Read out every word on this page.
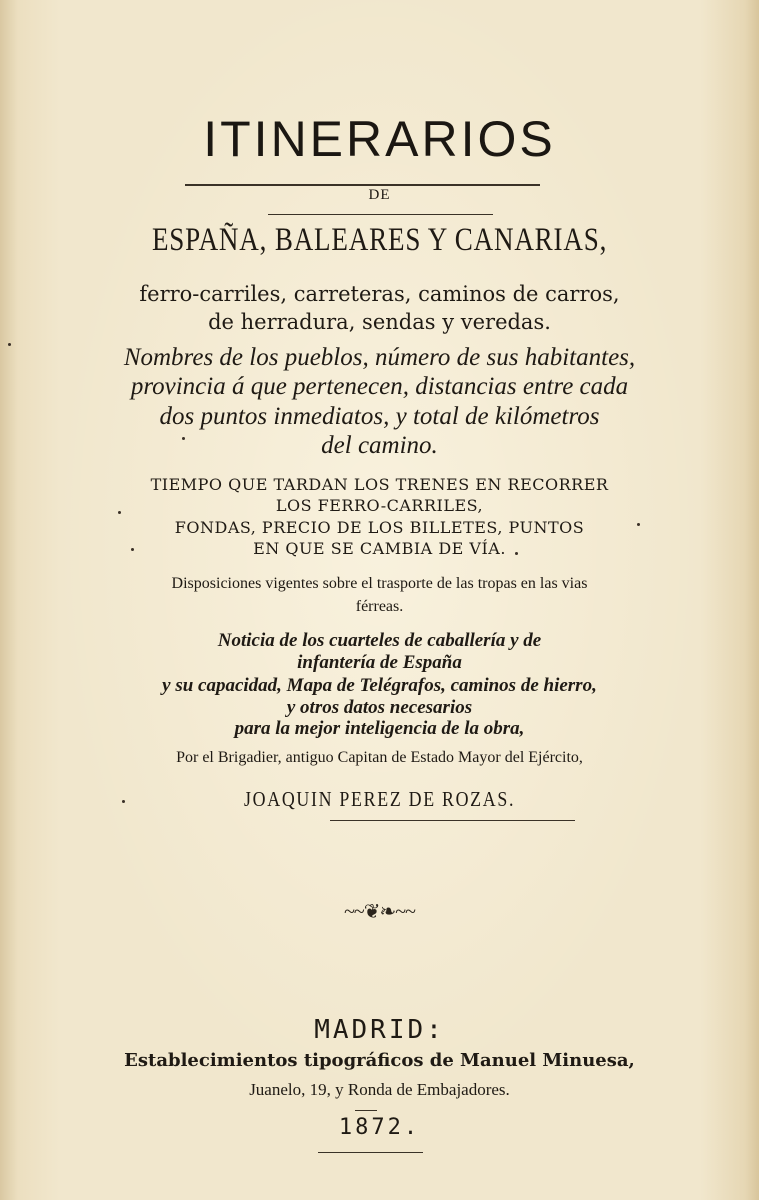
ITINERARIOS
DE
ESPAÑA, BALEARES Y CANARIAS,
ferro-carriles, carreteras, caminos de carros,
de herradura, sendas y veredas.
Nombres de los pueblos, número de sus habitantes,
provincia á que pertenecen, distancias entre cada
dos puntos inmediatos, y total de kilómetros
del camino.
TIEMPO QUE TARDAN LOS TRENES EN RECORRER
LOS FERRO-CARRILES,
FONDAS, PRECIO DE LOS BILLETES, PUNTOS
EN QUE SE CAMBIA DE VÍA.
Disposiciones vigentes sobre el trasporte de las tropas en las vias
férreas.
Noticia de los cuarteles de caballería y de
infantería de España
y su capacidad, Mapa de Telégrafos, caminos de hierro,
y otros datos necesarios
para la mejor inteligencia de la obra,
Por el Brigadier, antiguo Capitan de Estado Mayor del Ejército,
JOAQUIN PEREZ DE ROZAS.
~~❦❧~~
MADRID:
Establecimientos tipográficos de Manuel Minuesa,
Juanelo, 19, y Ronda de Embajadores.
1872.
